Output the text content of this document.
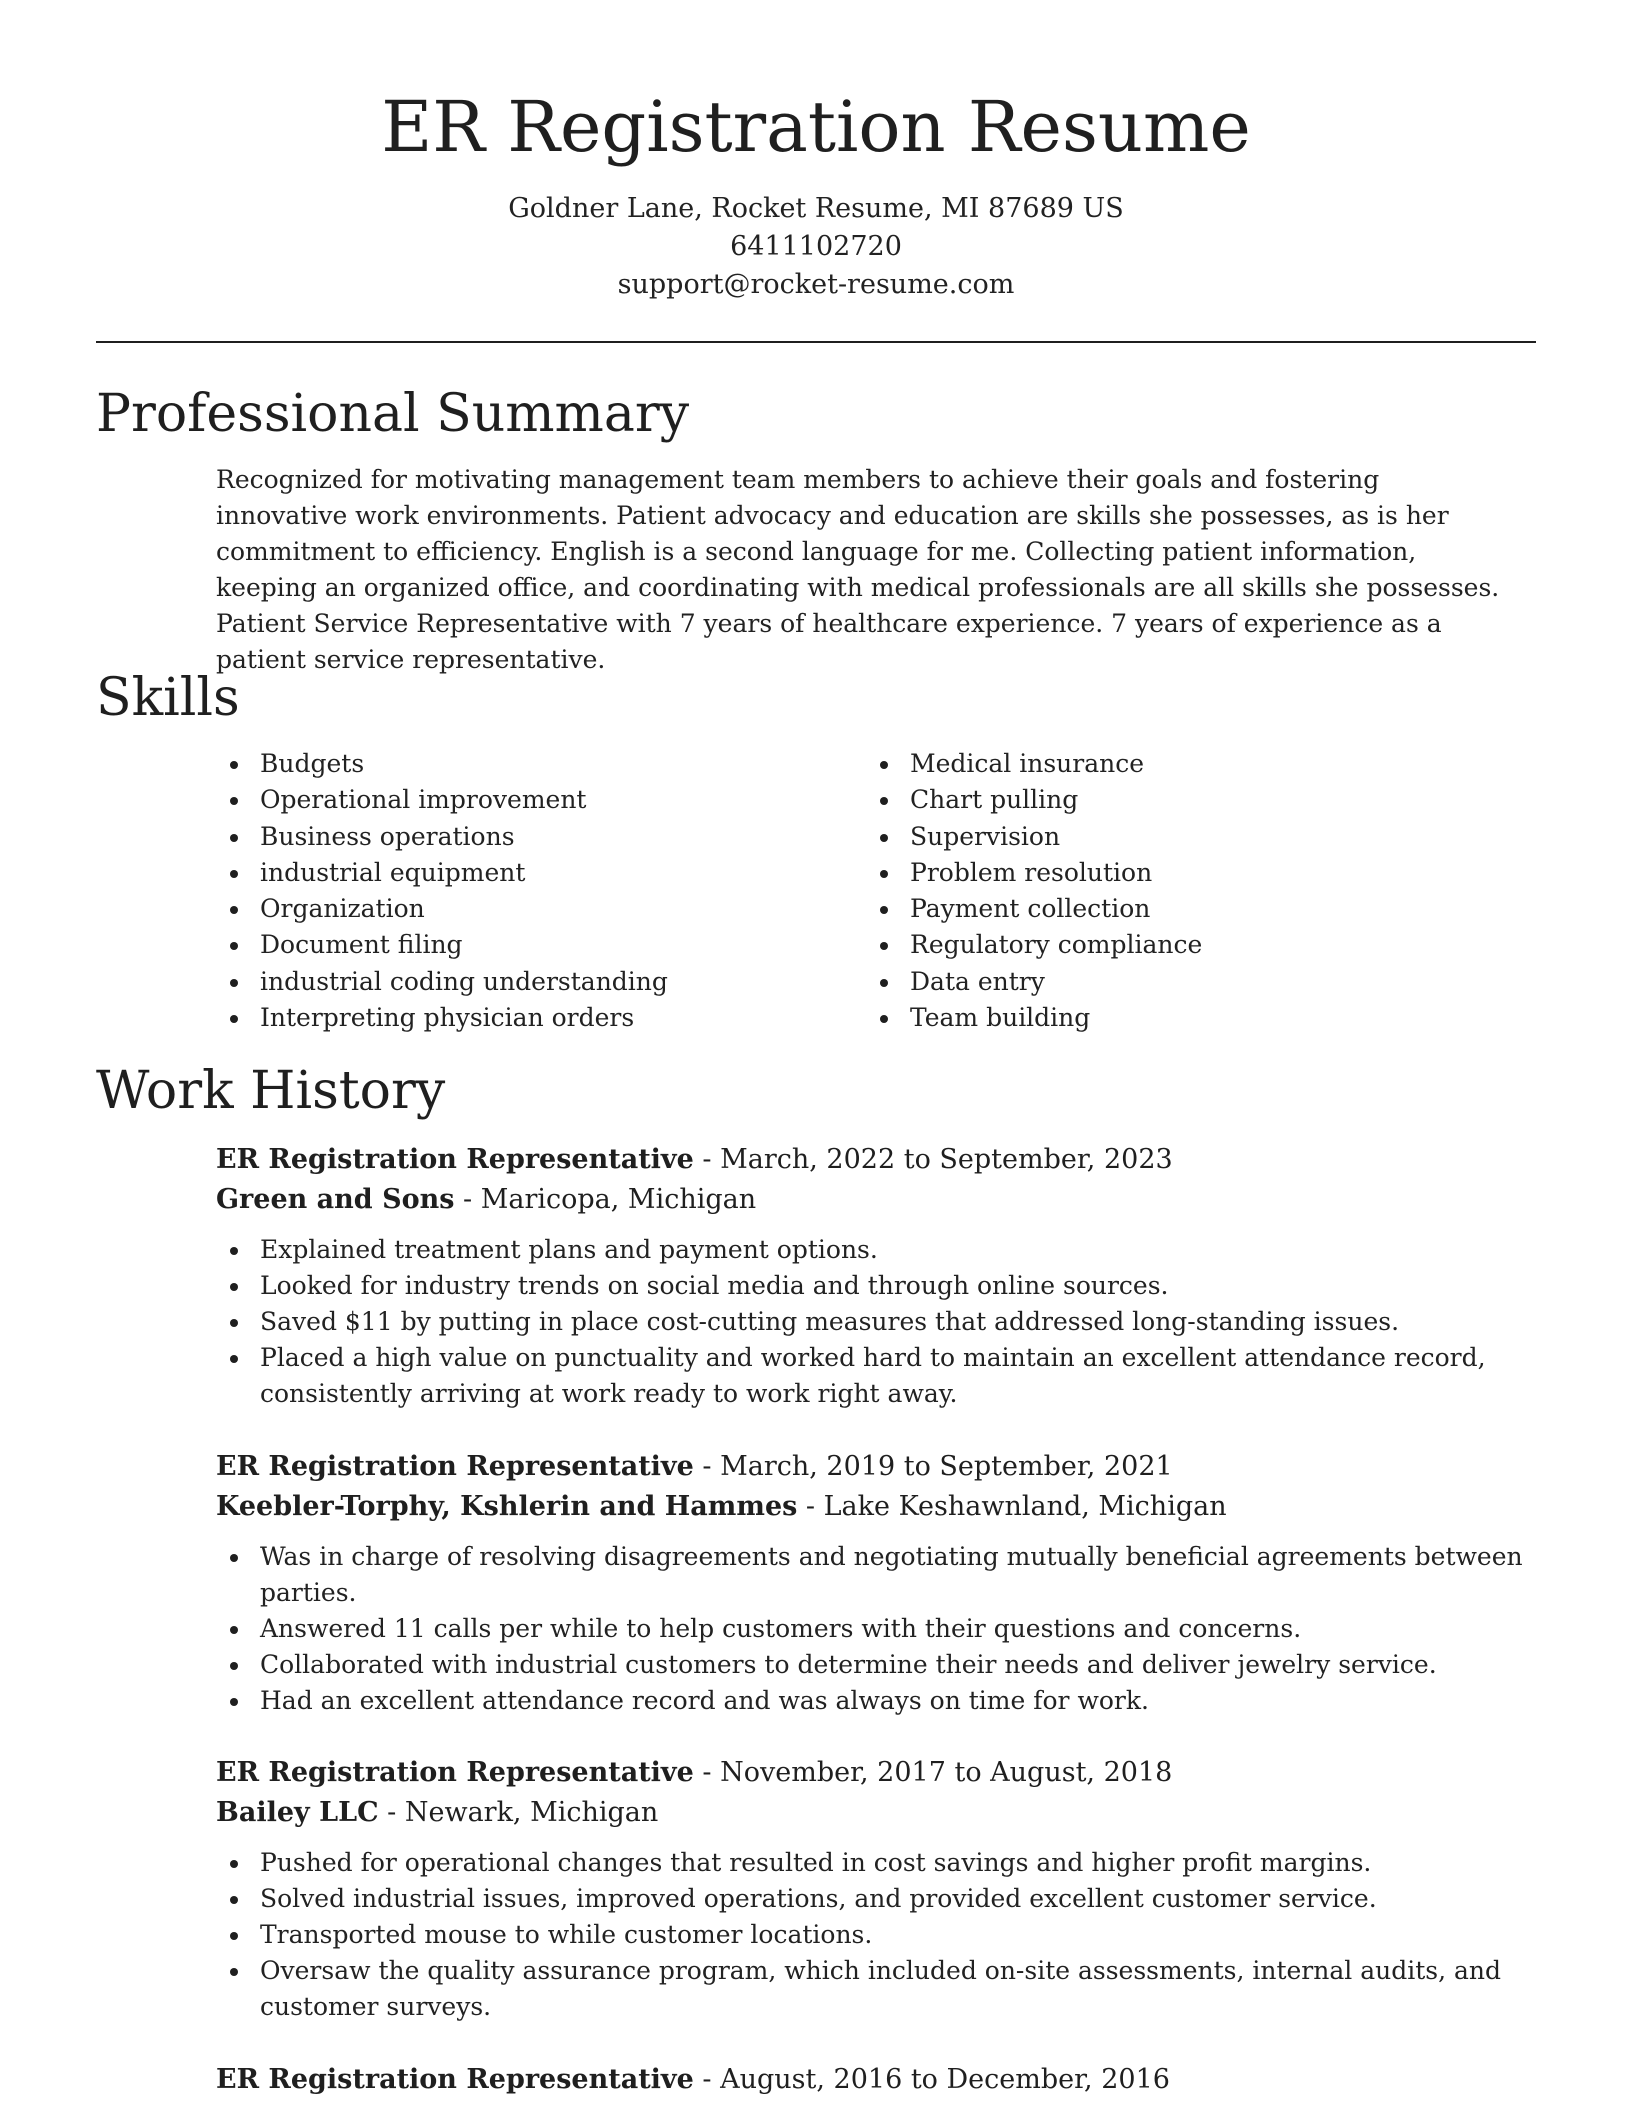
ER Registration Resume
Goldner Lane, Rocket Resume, MI 87689 US
6411102720
support@rocket-resume.com
Professional Summary

Recognized for motivating management team members to achieve their goals and fostering innovative work environments. Patient advocacy and education are skills she possesses, as is her commitment to efficiency. English is a second language for me. Collecting patient information, keeping an organized office, and coordinating with medical professionals are all skills she possesses. Patient Service Representative with 7 years of healthcare experience. 7 years of experience as a patient service representative.

Skills
Budgets
Operational improvement
Business operations
industrial equipment
Organization
Document filing
industrial coding understanding
Interpreting physician orders
Medical insurance
Chart pulling
Supervision
Problem resolution
Payment collection
Regulatory compliance
Data entry
Team building
Work History
ER Registration Representative - March, 2022 to September, 2023
Green and Sons - Maricopa, Michigan
Explained treatment plans and payment options.
Looked for industry trends on social media and through online sources.
Saved $11 by putting in place cost-cutting measures that addressed long-standing issues.
Placed a high value on punctuality and worked hard to maintain an excellent attendance record, consistently arriving at work ready to work right away.
ER Registration Representative - March, 2019 to September, 2021
Keebler-Torphy, Kshlerin and Hammes - Lake Keshawnland, Michigan
Was in charge of resolving disagreements and negotiating mutually beneficial agreements between parties.
Answered 11 calls per while to help customers with their questions and concerns.
Collaborated with industrial customers to determine their needs and deliver jewelry service.
Had an excellent attendance record and was always on time for work.
ER Registration Representative - November, 2017 to August, 2018
Bailey LLC - Newark, Michigan
Pushed for operational changes that resulted in cost savings and higher profit margins.
Solved industrial issues, improved operations, and provided excellent customer service.
Transported mouse to while customer locations.
Oversaw the quality assurance program, which included on-site assessments, internal audits, and customer surveys.
ER Registration Representative - August, 2016 to December, 2016
